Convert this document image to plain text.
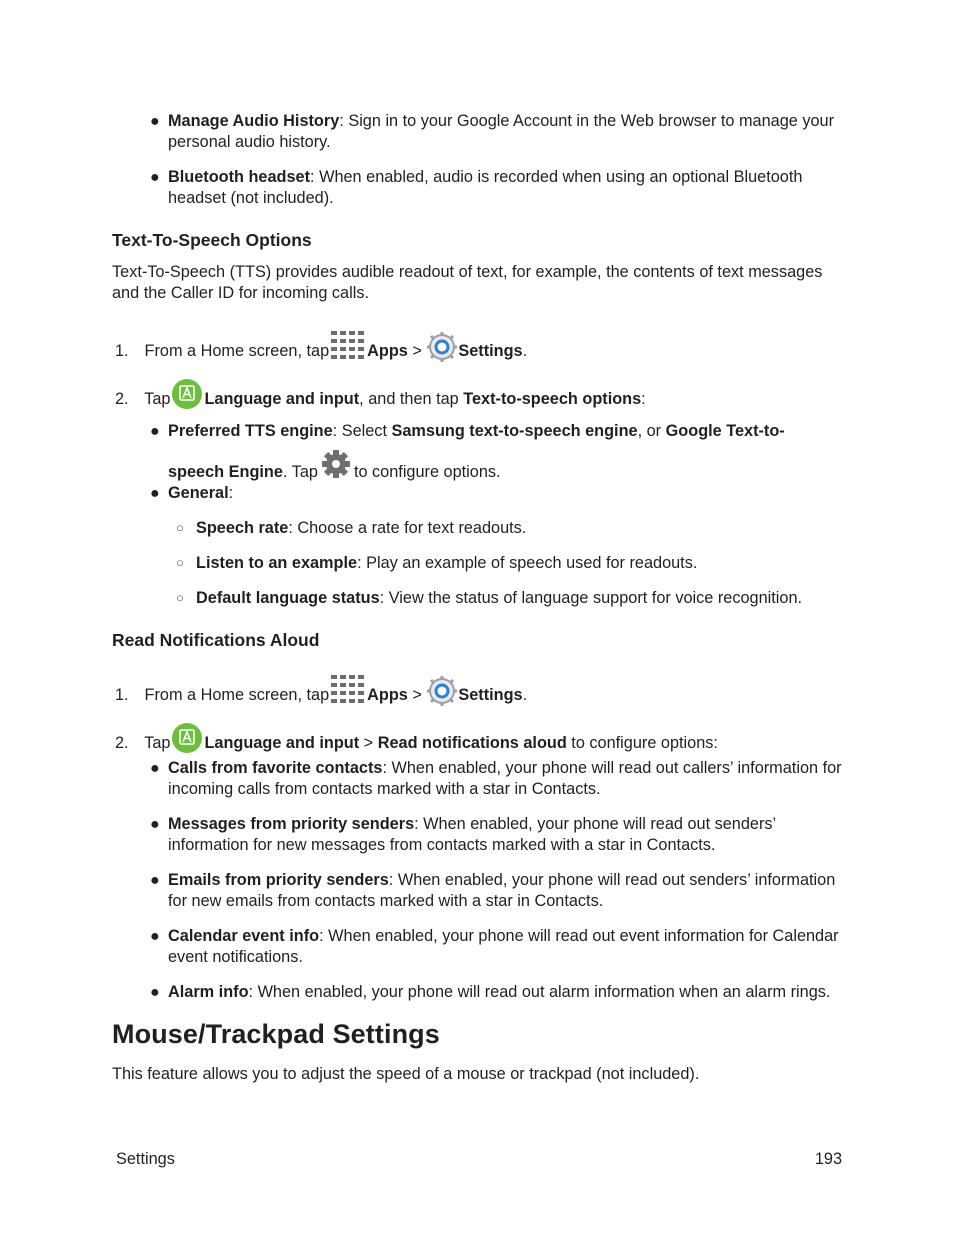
● Manage Audio History: Sign in to your Google Account in the Web browser to manage your personal audio history.

● Bluetooth headset: When enabled, audio is recorded when using an optional Bluetooth headset (not included).

Text-To-Speech Options

Text-To-Speech (TTS) provides audible readout of text, for example, the contents of text messages and the Caller ID for incoming calls.

1. From a Home screen, tap Apps > Settings.

2. Tap Language and input, and then tap Text-to-speech options:

● Preferred TTS engine: Select Samsung text-to-speech engine, or Google Text-to-
speech Engine. Tap to configure options.

● General:

○ Speech rate: Choose a rate for text readouts.

○ Listen to an example: Play an example of speech used for readouts.

○ Default language status: View the status of language support for voice recognition.

Read Notifications Aloud

1. From a Home screen, tap Apps > Settings.

2. Tap Language and input > Read notifications aloud to configure options:

● Calls from favorite contacts: When enabled, your phone will read out callers’ information for incoming calls from contacts marked with a star in Contacts.

● Messages from priority senders: When enabled, your phone will read out senders’ information for new messages from contacts marked with a star in Contacts.

● Emails from priority senders: When enabled, your phone will read out senders’ information for new emails from contacts marked with a star in Contacts.

● Calendar event info: When enabled, your phone will read out event information for Calendar event notifications.

● Alarm info: When enabled, your phone will read out alarm information when an alarm rings.

Mouse/Trackpad Settings

This feature allows you to adjust the speed of a mouse or trackpad (not included).

Settings	193
